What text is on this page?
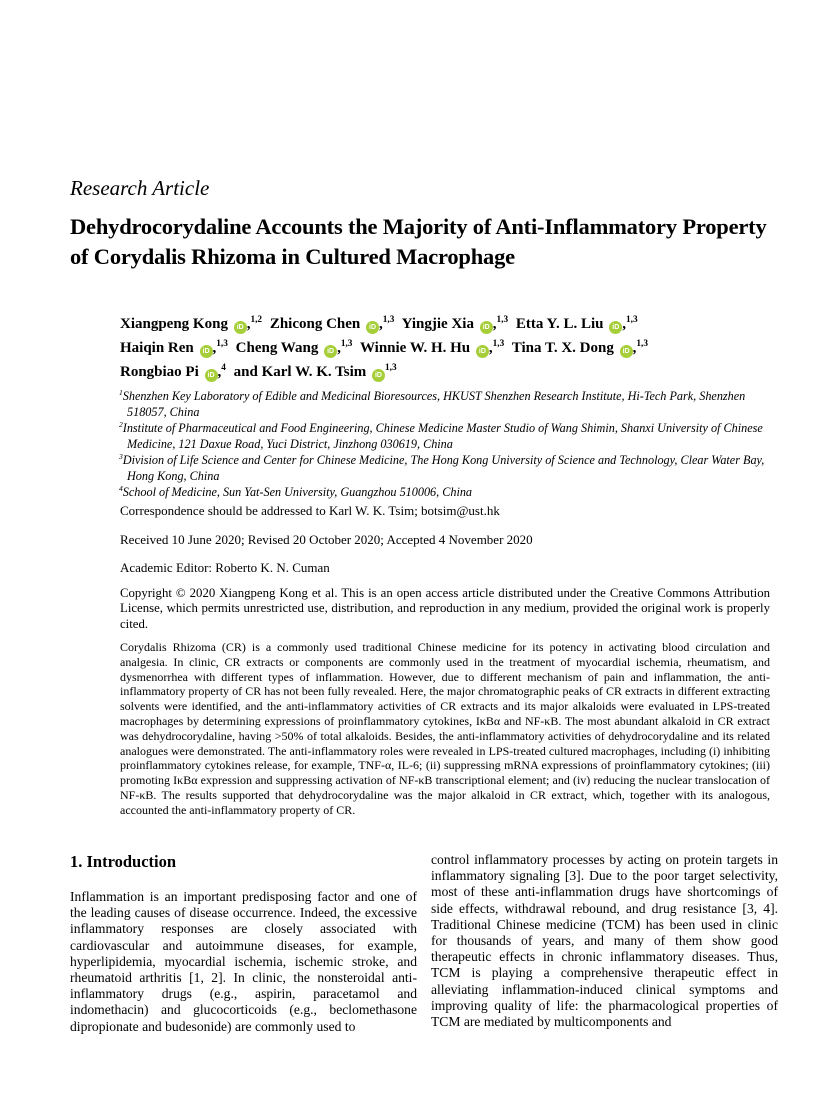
Research Article
Dehydrocorydaline Accounts the Majority of Anti-Inflammatory Property of Corydalis Rhizoma in Cultured Macrophage
Xiangpeng Kong iD ,$^{1,2}$ Zhicong Chen iD ,$^{1,3}$ Yingjie Xia iD ,$^{1,3}$ Etta Y. L. Liu iD ,$^{1,3}$
Haiqin Ren iD ,$^{1,3}$ Cheng Wang iD ,$^{1,3}$ Winnie W. H. Hu iD ,$^{1,3}$ Tina T. X. Dong iD ,$^{1,3}$
Rongbiao Pi iD ,$^4$ and Karl W. K. Tsim iD$^{1,3}$
$^1$Shenzhen Key Laboratory of Edible and Medicinal Bioresources, HKUST Shenzhen Research Institute, Hi-Tech Park, Shenzhen 518057, China
$^2$Institute of Pharmaceutical and Food Engineering, Chinese Medicine Master Studio of Wang Shimin, Shanxi University of Chinese Medicine, 121 Daxue Road, Yuci District, Jinzhong 030619, China
$^3$Division of Life Science and Center for Chinese Medicine, The Hong Kong University of Science and Technology, Clear Water Bay, Hong Kong, China
$^4$School of Medicine, Sun Yat-Sen University, Guangzhou 510006, China
Correspondence should be addressed to Karl W. K. Tsim; botsim@ust.hk
Received 10 June 2020; Revised 20 October 2020; Accepted 4 November 2020
Academic Editor: Roberto K. N. Cuman
Copyright © 2020 Xiangpeng Kong et al. This is an open access article distributed under the Creative Commons Attribution License, which permits unrestricted use, distribution, and reproduction in any medium, provided the original work is properly cited.
Corydalis Rhizoma (CR) is a commonly used traditional Chinese medicine for its potency in activating blood circulation and analgesia. In clinic, CR extracts or components are commonly used in the treatment of myocardial ischemia, rheumatism, and dysmenorrhea with different types of inflammation. However, due to different mechanism of pain and inflammation, the anti-inflammatory property of CR has not been fully revealed. Here, the major chromatographic peaks of CR extracts in different extracting solvents were identified, and the anti-inflammatory activities of CR extracts and its major alkaloids were evaluated in LPS-treated macrophages by determining expressions of proinflammatory cytokines, IκBα and NF-κB. The most abundant alkaloid in CR extract was dehydrocorydaline, having >50% of total alkaloids. Besides, the anti-inflammatory activities of dehydrocorydaline and its related analogues were demonstrated. The anti-inflammatory roles were revealed in LPS-treated cultured macrophages, including (i) inhibiting proinflammatory cytokines release, for example, TNF-α, IL-6; (ii) suppressing mRNA expressions of proinflammatory cytokines; (iii) promoting IκBα expression and suppressing activation of NF-κB transcriptional element; and (iv) reducing the nuclear translocation of NF-κB. The results supported that dehydrocorydaline was the major alkaloid in CR extract, which, together with its analogous, accounted the anti-inflammatory property of CR.
1. Introduction

Inflammation is an important predisposing factor and one of the leading causes of disease occurrence. Indeed, the excessive inflammatory responses are closely associated with cardiovascular and autoimmune diseases, for example, hyperlipidemia, myocardial ischemia, ischemic stroke, and rheumatoid arthritis [1, 2]. In clinic, the nonsteroidal anti-inflammatory drugs (e.g., aspirin, paracetamol and indomethacin) and glucocorticoids (e.g., beclomethasone dipropionate and budesonide) are commonly used to

control inflammatory processes by acting on protein targets in inflammatory signaling [3]. Due to the poor target selectivity, most of these anti-inflammation drugs have shortcomings of side effects, withdrawal rebound, and drug resistance [3, 4]. Traditional Chinese medicine (TCM) has been used in clinic for thousands of years, and many of them show good therapeutic effects in chronic inflammatory diseases. Thus, TCM is playing a comprehensive therapeutic effect in alleviating inflammation-induced clinical symptoms and improving quality of life: the pharmacological properties of TCM are mediated by multicomponents and
